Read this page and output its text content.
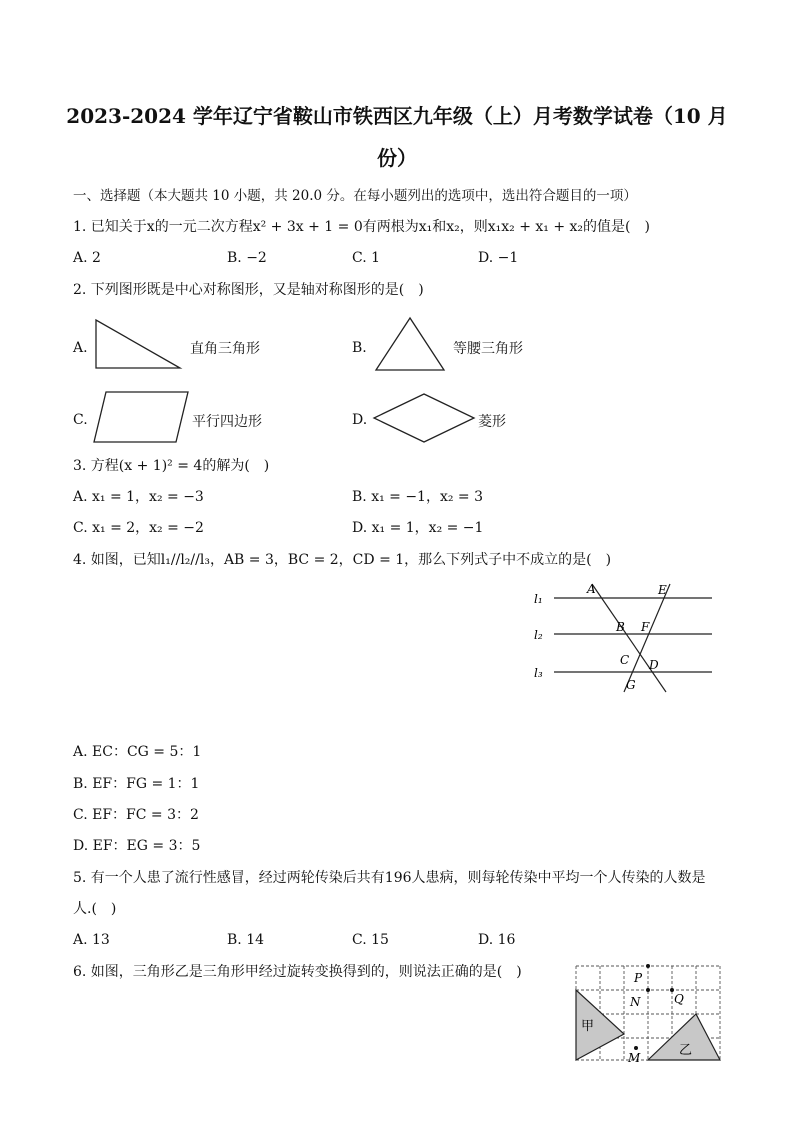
2023-2024 学年辽宁省鞍山市铁西区九年级（上）月考数学试卷（10 月
份）
一、选择题（本大题共 10 小题，共 20.0 分。在每小题列出的选项中，选出符合题目的一项）
1. 已知关于x的一元二次方程x² + 3x + 1 = 0有两根为x₁和x₂，则x₁x₂ + x₁ + x₂的值是(　)
A. 2	B. −2	C. 1	D. −1
2. 下列图形既是中心对称图形，又是轴对称图形的是(　)
A.	直角三角形	B.	等腰三角形
C.	平行四边形	D.	菱形
3. 方程(x + 1)² = 4的解为(　)
A. x₁ = 1，x₂ = −3	B. x₁ = −1，x₂ = 3
C. x₁ = 2，x₂ = −2	D. x₁ = 1，x₂ = −1
4. 如图，已知l₁//l₂//l₃，AB = 3，BC = 2，CD = 1，那么下列式子中不成立的是(　)
l₁
l₂
l₃
A	E
B F
C D
G
A. EC：CG = 5：1
B. EF：FG = 1：1
C. EF：FC = 3：2
D. EF：EG = 3：5
5. 有一个人患了流行性感冒，经过两轮传染后共有196人患病，则每轮传染中平均一个人传染的人数是
人.(　)
A. 13	B. 14	C. 15	D. 16
6. 如图，三角形乙是三角形甲经过旋转变换得到的，则说法正确的是(　)	P
N	Q
M
甲
乙
